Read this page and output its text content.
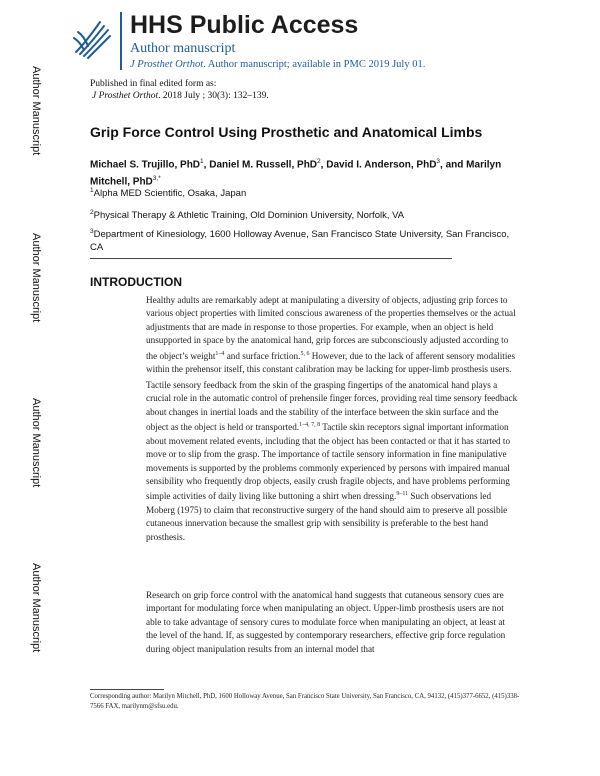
HHS Public Access
Author manuscript
J Prosthet Orthot. Author manuscript; available in PMC 2019 July 01.
Published in final edited form as:
J Prosthet Orthot. 2018 July ; 30(3): 132–139.
Author Manuscript
Author Manuscript
Author Manuscript
Author Manuscript
Grip Force Control Using Prosthetic and Anatomical Limbs
Michael S. Trujillo, PhD$^1$, Daniel M. Russell, PhD$^2$, David I. Anderson, PhD$^3$, and Marilyn Mitchell, PhD$^{3,*}$
$^1$Alpha MED Scientific, Osaka, Japan
$^2$Physical Therapy & Athletic Training, Old Dominion University, Norfolk, VA
$^3$Department of Kinesiology, 1600 Holloway Avenue, San Francisco State University, San Francisco, CA
INTRODUCTION
Healthy adults are remarkably adept at manipulating a diversity of objects, adjusting grip forces to various object properties with limited conscious awareness of the properties themselves or the actual adjustments that are made in response to those properties. For example, when an object is held unsupported in space by the anatomical hand, grip forces are subconsciously adjusted according to the object’s weight$^{1-4}$ and surface friction.$^{5, 6}$ However, due to the lack of afferent sensory modalities within the prehensor itself, this constant calibration may be lacking for upper-limb prosthesis users.
Tactile sensory feedback from the skin of the grasping fingertips of the anatomical hand plays a crucial role in the automatic control of prehensile finger forces, providing real time sensory feedback about changes in inertial loads and the stability of the interface between the skin surface and the object as the object is held or transported.$^{1-4, 7, 8}$ Tactile skin receptors signal important information about movement related events, including that the object has been contacted or that it has started to move or to slip from the grasp. The importance of tactile sensory information in fine manipulative movements is supported by the problems commonly experienced by persons with impaired manual sensibility who frequently drop objects, easily crush fragile objects, and have problems performing simple activities of daily living like buttoning a shirt when dressing.$^{9-11}$ Such observations led Moberg (1975) to claim that reconstructive surgery of the hand should aim to preserve all possible cutaneous innervation because the smallest grip with sensibility is preferable to the best hand prosthesis.
Research on grip force control with the anatomical hand suggests that cutaneous sensory cues are important for modulating force when manipulating an object. Upper-limb prosthesis users are not able to take advantage of sensory cures to modulate force when manipulating an object, at least at the level of the hand. If, as suggested by contemporary researchers, effective grip force regulation during object manipulation results from an internal model that
Corresponding author: Marilyn Mitchell, PhD, 1600 Holloway Avenue, San Francisco State University, San Francisco, CA, 94132, (415)377-6652, (415)338-7566 FAX, marilynm@sfsu.edu.
